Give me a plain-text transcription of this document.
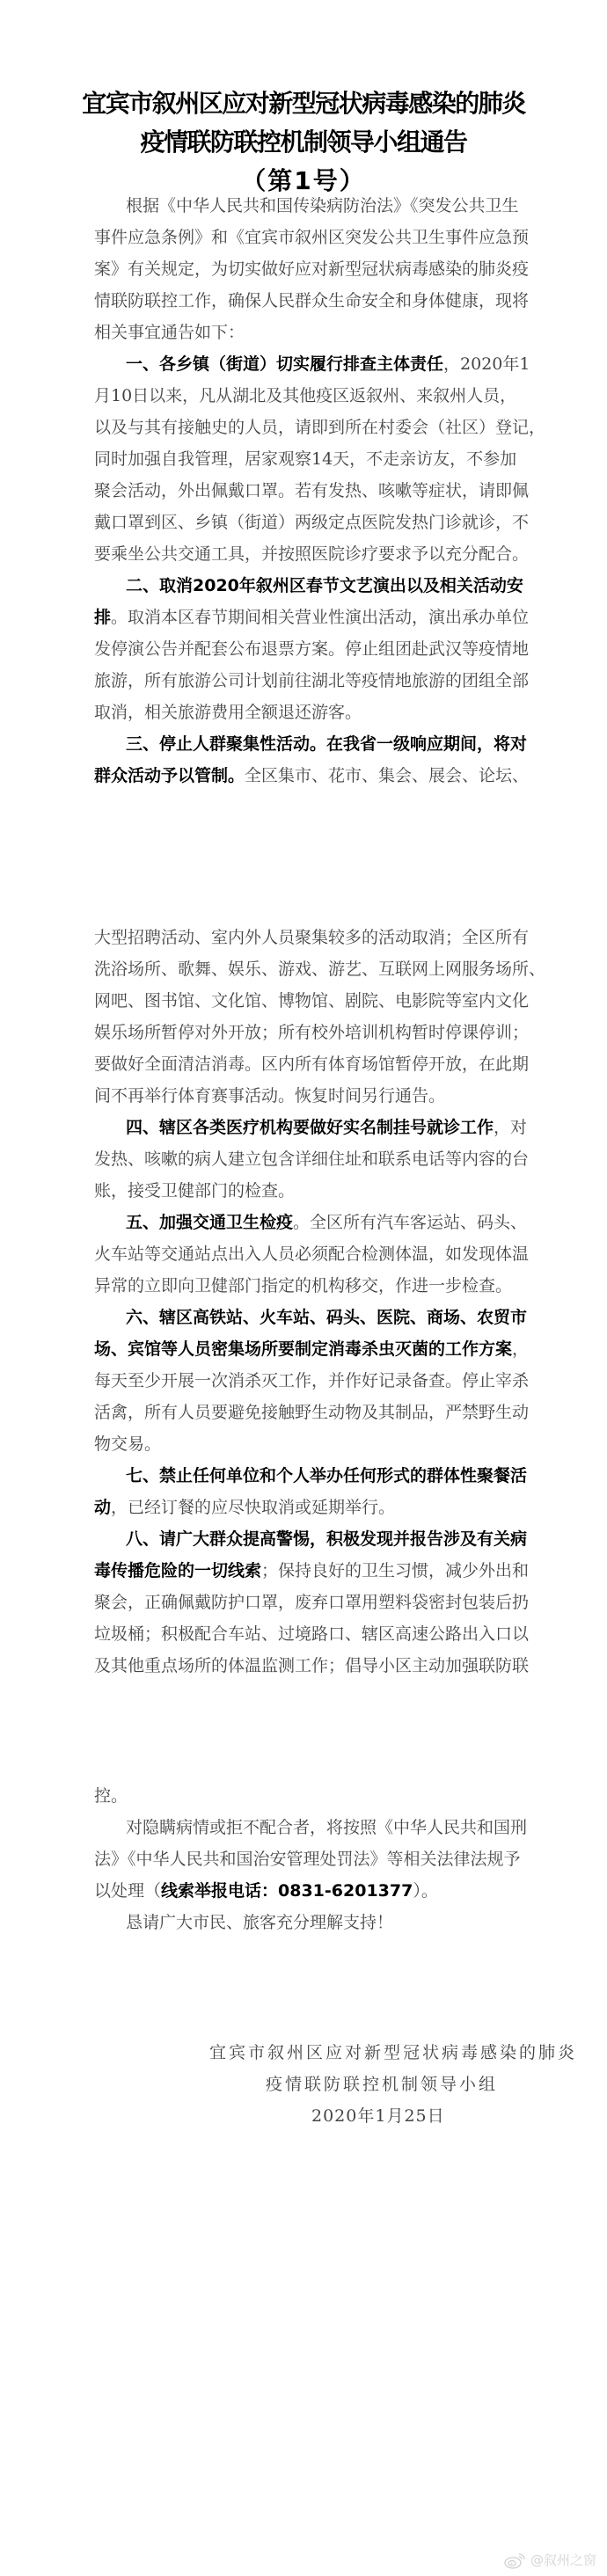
宜宾市叙州区应对新型冠状病毒感染的肺炎
疫情联防联控机制领导小组通告
（第1号）
根据《中华人民共和国传染病防治法》《突发公共卫生
事件应急条例》和《宜宾市叙州区突发公共卫生事件应急预
案》有关规定，为切实做好应对新型冠状病毒感染的肺炎疫
情联防联控工作，确保人民群众生命安全和身体健康，现将
相关事宜通告如下：
一、各乡镇（街道）切实履行排查主体责任，2020年1
月10日以来，凡从湖北及其他疫区返叙州、来叙州人员，
以及与其有接触史的人员，请即到所在村委会（社区）登记，
同时加强自我管理，居家观察14天，不走亲访友，不参加
聚会活动，外出佩戴口罩。若有发热、咳嗽等症状，请即佩
戴口罩到区、乡镇（街道）两级定点医院发热门诊就诊，不
要乘坐公共交通工具，并按照医院诊疗要求予以充分配合。
二、取消2020年叙州区春节文艺演出以及相关活动安
排。取消本区春节期间相关营业性演出活动，演出承办单位
发停演公告并配套公布退票方案。停止组团赴武汉等疫情地
旅游，所有旅游公司计划前往湖北等疫情地旅游的团组全部
取消，相关旅游费用全额退还游客。
三、停止人群聚集性活动。在我省一级响应期间，将对
群众活动予以管制。全区集市、花市、集会、展会、论坛、
大型招聘活动、室内外人员聚集较多的活动取消；全区所有
洗浴场所、歌舞、娱乐、游戏、游艺、互联网上网服务场所、
网吧、图书馆、文化馆、博物馆、剧院、电影院等室内文化
娱乐场所暂停对外开放；所有校外培训机构暂时停课停训；
要做好全面清洁消毒。区内所有体育场馆暂停开放，在此期
间不再举行体育赛事活动。恢复时间另行通告。
四、辖区各类医疗机构要做好实名制挂号就诊工作，对
发热、咳嗽的病人建立包含详细住址和联系电话等内容的台
账，接受卫健部门的检查。
五、加强交通卫生检疫。全区所有汽车客运站、码头、
火车站等交通站点出入人员必须配合检测体温，如发现体温
异常的立即向卫健部门指定的机构移交，作进一步检查。
六、辖区高铁站、火车站、码头、医院、商场、农贸市
场、宾馆等人员密集场所要制定消毒杀虫灭菌的工作方案，
每天至少开展一次消杀灭工作，并作好记录备查。停止宰杀
活禽，所有人员要避免接触野生动物及其制品，严禁野生动
物交易。
七、禁止任何单位和个人举办任何形式的群体性聚餐活
动，已经订餐的应尽快取消或延期举行。
八、请广大群众提高警惕，积极发现并报告涉及有关病
毒传播危险的一切线索；保持良好的卫生习惯，减少外出和
聚会，正确佩戴防护口罩，废弃口罩用塑料袋密封包装后扔
垃圾桶；积极配合车站、过境路口、辖区高速公路出入口以
及其他重点场所的体温监测工作；倡导小区主动加强联防联
控。
对隐瞒病情或拒不配合者，将按照《中华人民共和国刑
法》《中华人民共和国治安管理处罚法》等相关法律法规予
以处理（线索举报电话：0831-6201377）。
恳请广大市民、旅客充分理解支持！
宜宾市叙州区应对新型冠状病毒感染的肺炎
疫情联防联控机制领导小组
2020年1月25日
@叙州之窗
